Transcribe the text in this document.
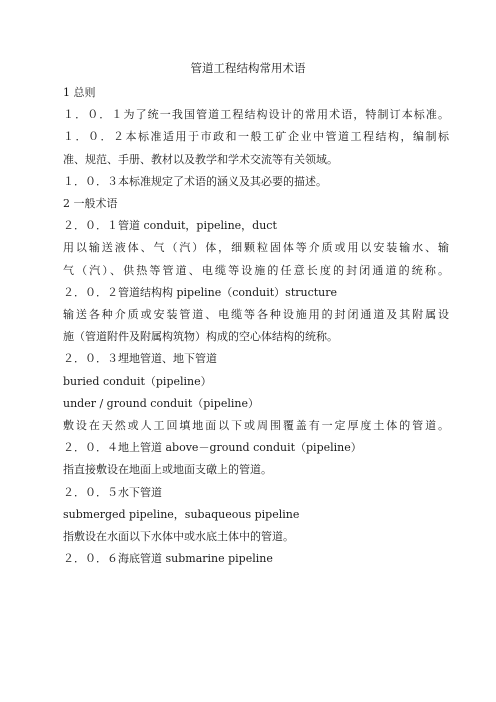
管道工程结构常用术语
1 总则
１．０．１为了统一我国管道工程结构设计的常用术语，特制订本标准。
１．０．２本标准适用于市政和一般工矿企业中管道工程结构，编制标
准、规范、手册、教材以及教学和学术交流等有关领域。
１．０．３本标准规定了术语的涵义及其必要的描述。
2 一般术语
２．０．１管道 conduit，pipeline，duct
用以输送液体、气（汽）体，细颗粒固体等介质或用以安装输水、输
气（汽）、供热等管道、电缆等设施的任意长度的封闭通道的统称。
２．０．２管道结构构 pipeline（conduit）structure
输送各种介质或安装管道、电缆等各种设施用的封闭通道及其附属设
施（管道附件及附属构筑物）构成的空心体结构的统称。
２．０．３埋地管道、地下管道
buried conduit（pipeline）
under / ground conduit（pipeline）
敷设在天然或人工回填地面以下或周围覆盖有一定厚度土体的管道。
２．０．４地上管道 above－ground conduit（pipeline）
指直接敷设在地面上或地面支礅上的管道。
２．０．５水下管道
submerged pipeline，subaqueous pipeline
指敷设在水面以下水体中或水底土体中的管道。
２．０．６海底管道 submarine pipeline
